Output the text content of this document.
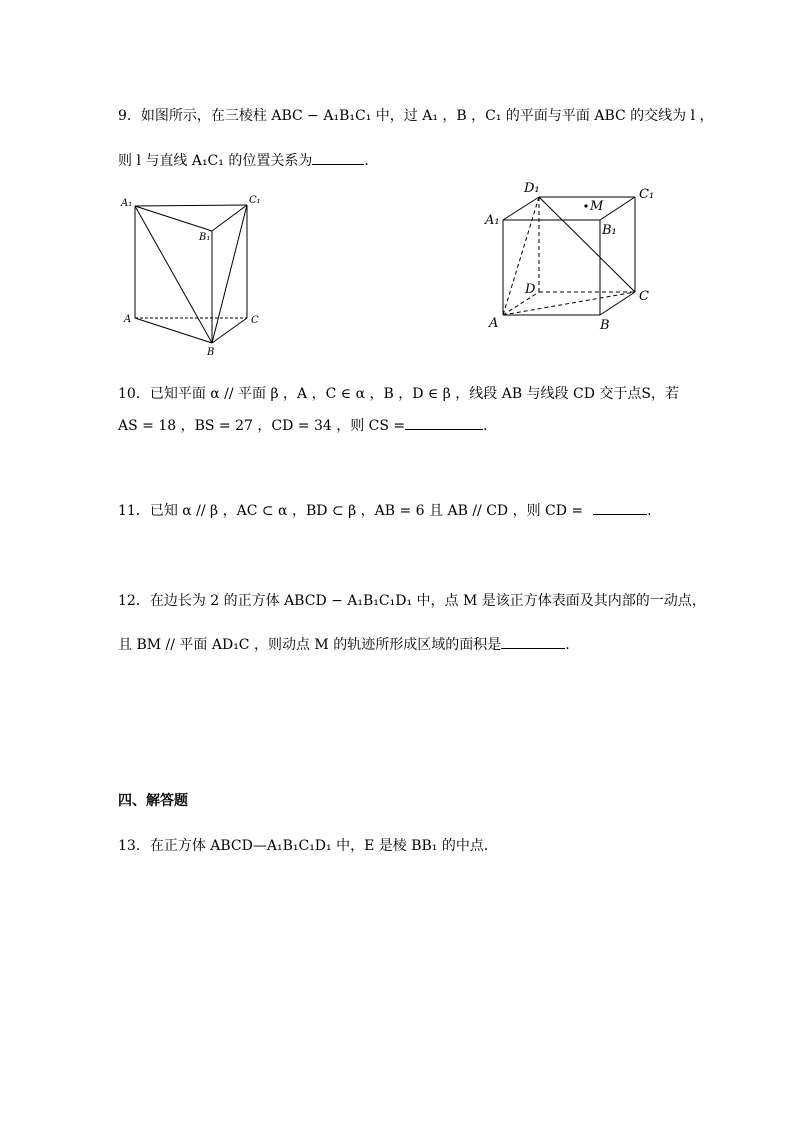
9．如图所示，在三棱柱 ABC − A₁B₁C₁ 中，过 A₁ ，B ，C₁ 的平面与平面 ABC 的交线为 l ，
则 l 与直线 A₁C₁ 的位置关系为	．
A₁	C₁
B₁
A	C
B
D₁	C₁
A₁
B₁
M
D	C
A	B
10．已知平面 α // 平面 β ，A ，C ∈ α ，B ，D ∈ β ，线段 AB 与线段 CD 交于点S，若
AS = 18 ，BS = 27 ，CD = 34 ，则 CS =	.
11．已知 α // β ，AC ⊂ α ，BD ⊂ β ，AB = 6 且 AB // CD ，则 CD =	.
12．在边长为 2 的正方体 ABCD − A₁B₁C₁D₁ 中，点 M 是该正方体表面及其内部的一动点，
且 BM // 平面 AD₁C ，则动点 M 的轨迹所形成区域的面积是	.
四、解答题
13．在正方体 ABCD—A₁B₁C₁D₁ 中，E 是棱 BB₁ 的中点．
